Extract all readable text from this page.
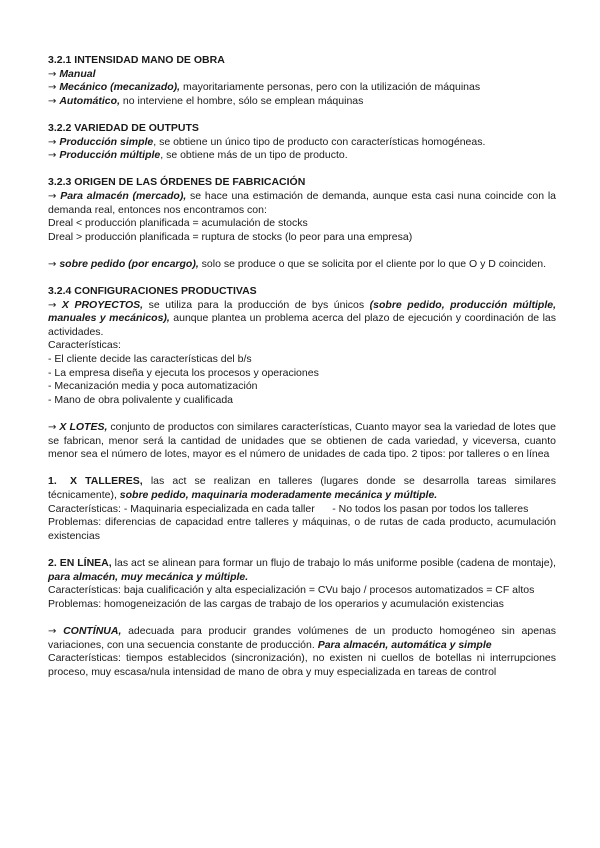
3.2.1 INTENSIDAD MANO DE OBRA

→ Manual

→ Mecánico (mecanizado), mayoritariamente personas, pero con la utilización de máquinas

→ Automático, no interviene el hombre, sólo se emplean máquinas

3.2.2 VARIEDAD DE OUTPUTS

→ Producción simple, se obtiene un único tipo de producto con características homogéneas.

→ Producción múltiple, se obtiene más de un tipo de producto.

3.2.3 ORIGEN DE LAS ÓRDENES DE FABRICACIÓN

→ Para almacén (mercado), se hace una estimación de demanda, aunque esta casi nuna coincide con la demanda real, entonces nos encontramos con:

Dreal < producción planificada = acumulación de stocks

Dreal > producción planificada = ruptura de stocks (lo peor para una empresa)

→ sobre pedido (por encargo), solo se produce o que se solicita por el cliente por lo que O y D coinciden.

3.2.4 CONFIGURACIONES PRODUCTIVAS

→ X PROYECTOS, se utiliza para la producción de bys únicos (sobre pedido, producción múltiple, manuales y mecánicos), aunque plantea un problema acerca del plazo de ejecución y coordinación de las actividades.

Características:

- El cliente decide las características del b/s

- La empresa diseña y ejecuta los procesos y operaciones

- Mecanización media y poca automatización

- Mano de obra polivalente y cualificada

→ X LOTES, conjunto de productos con similares características, Cuanto mayor sea la variedad de lotes que se fabrican, menor será la cantidad de unidades que se obtienen de cada variedad, y viceversa, cuanto menor sea el número de lotes, mayor es el número de unidades de cada tipo. 2 tipos: por talleres o en línea

1. X TALLERES, las act se realizan en talleres (lugares donde se desarrolla tareas similares técnicamente), sobre pedido, maquinaria moderadamente mecánica y múltiple.

Características: - Maquinaria especializada en cada taller      - No todos los pasan por todos los talleres

Problemas: diferencias de capacidad entre talleres y máquinas, o de rutas de cada producto, acumulación existencias

2. EN LÍNEA, las act se alinean para formar un flujo de trabajo lo más uniforme posible (cadena de montaje), para almacén, muy mecánica y múltiple.

Características: baja cualificación y alta especialización = CVu bajo / procesos automatizados = CF altos

Problemas: homogeneización de las cargas de trabajo de los operarios y acumulación existencias

→ CONTÍNUA, adecuada para producir grandes volúmenes de un producto homogéneo sin apenas variaciones, con una secuencia constante de producción. Para almacén, automática y simple

Características: tiempos establecidos (sincronización), no existen ni cuellos de botellas ni interrupciones proceso, muy escasa/nula intensidad de mano de obra y muy especializada en tareas de control
